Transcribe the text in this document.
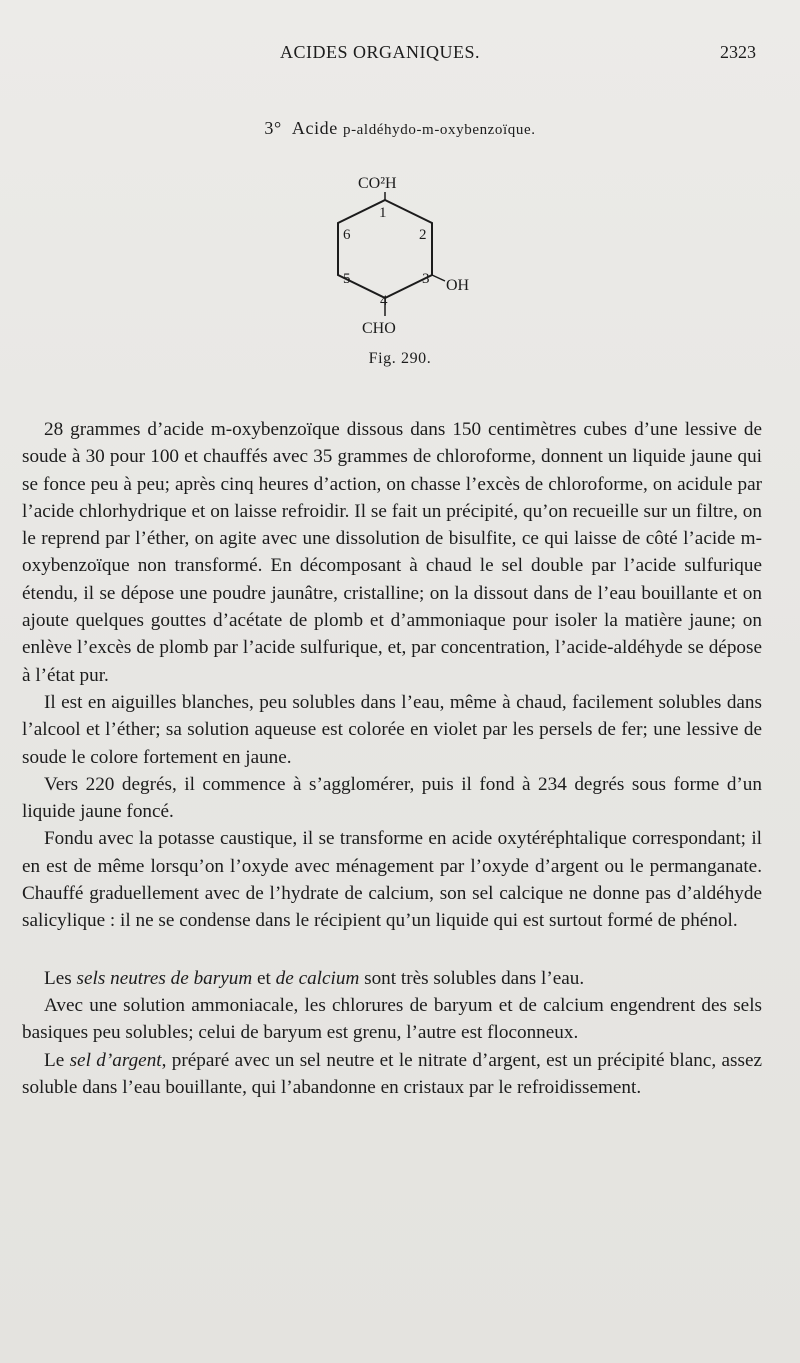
ACIDES ORGANIQUES.	2323
3° Acide p-aldéhydo-m-oxybenzoïque.
CO²H
1
2
3
4
5
6
OH
CHO
Fig. 290.

28 grammes d’acide m-oxybenzoïque dissous dans 150 centimètres cubes d’une lessive de soude à 30 pour 100 et chauffés avec 35 grammes de chloroforme, donnent un liquide jaune qui se fonce peu à peu; après cinq heures d’action, on chasse l’excès de chloroforme, on acidule par l’acide chlorhydrique et on laisse refroidir. Il se fait un précipité, qu’on recueille sur un filtre, on le reprend par l’éther, on agite avec une dissolution de bisulfite, ce qui laisse de côté l’acide m-oxybenzoïque non transformé. En décomposant à chaud le sel double par l’acide sulfurique étendu, il se dépose une poudre jaunâtre, cristalline; on la dissout dans de l’eau bouillante et on ajoute quelques gouttes d’acétate de plomb et d’ammoniaque pour isoler la matière jaune; on enlève l’excès de plomb par l’acide sulfurique, et, par concentration, l’acide-aldéhyde se dépose à l’état pur.

Il est en aiguilles blanches, peu solubles dans l’eau, même à chaud, facilement solubles dans l’alcool et l’éther; sa solution aqueuse est colorée en violet par les persels de fer; une lessive de soude le colore fortement en jaune.

Vers 220 degrés, il commence à s’agglomérer, puis il fond à 234 degrés sous forme d’un liquide jaune foncé.

Fondu avec la potasse caustique, il se transforme en acide oxytéréphtalique correspondant; il en est de même lorsqu’on l’oxyde avec ménagement par l’oxyde d’argent ou le permanganate. Chauffé graduellement avec de l’hydrate de calcium, son sel calcique ne donne pas d’aldéhyde salicylique : il ne se condense dans le récipient qu’un liquide qui est surtout formé de phénol.

Les sels neutres de baryum et de calcium sont très solubles dans l’eau.

Avec une solution ammoniacale, les chlorures de baryum et de calcium engendrent des sels basiques peu solubles; celui de baryum est grenu, l’autre est floconneux.

Le sel d’argent, préparé avec un sel neutre et le nitrate d’argent, est un précipité blanc, assez soluble dans l’eau bouillante, qui l’abandonne en cristaux par le refroidissement.
